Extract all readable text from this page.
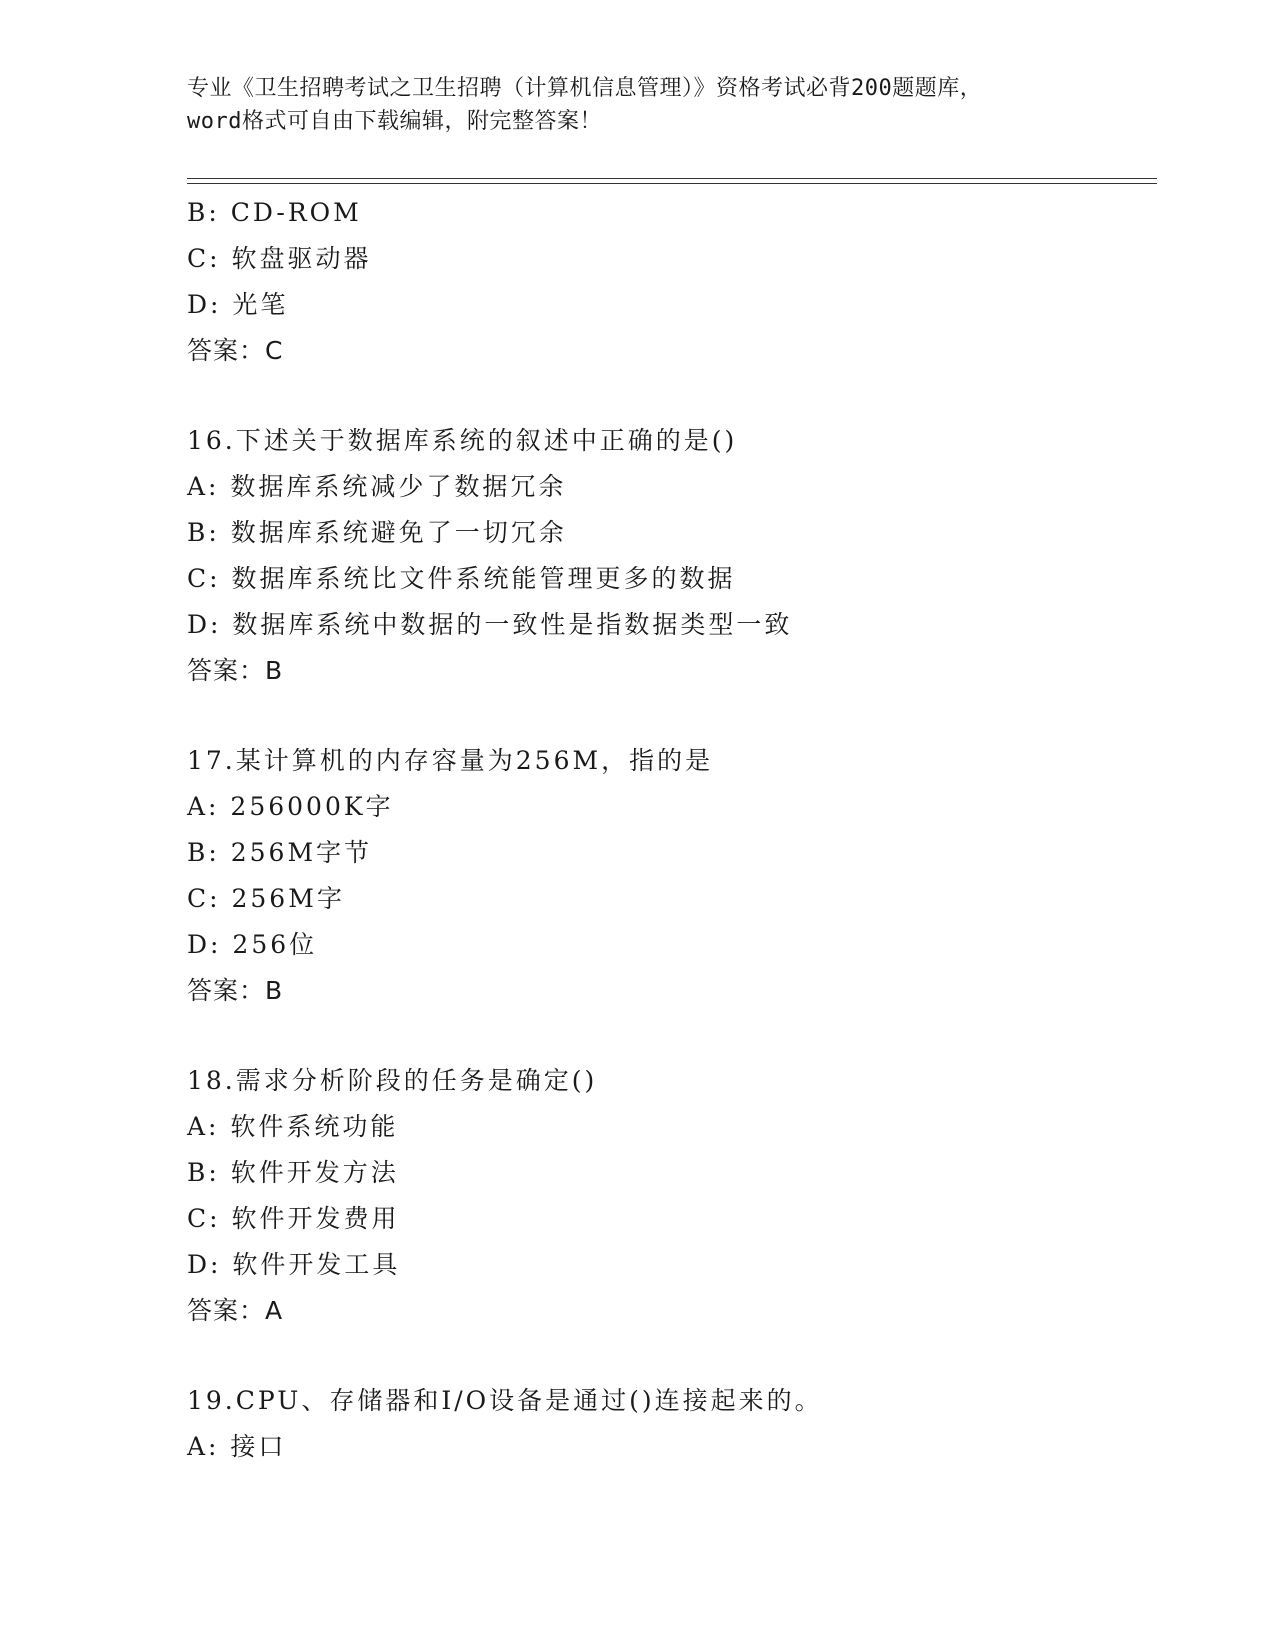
专业《卫生招聘考试之卫生招聘（计算机信息管理）》资格考试必背200题题库，
word格式可自由下载编辑，附完整答案！
B: CD-ROM
C: 软盘驱动器
D: 光笔
答案：C
16.下述关于数据库系统的叙述中正确的是()
A: 数据库系统减少了数据冗余
B: 数据库系统避免了一切冗余
C: 数据库系统比文件系统能管理更多的数据
D: 数据库系统中数据的一致性是指数据类型一致
答案：B
17.某计算机的内存容量为256M，指的是
A: 256000K字
B: 256M字节
C: 256M字
D: 256位
答案：B
18.需求分析阶段的任务是确定()
A: 软件系统功能
B: 软件开发方法
C: 软件开发费用
D: 软件开发工具
答案：A
19.CPU、存储器和I/O设备是通过()连接起来的。
A: 接口
